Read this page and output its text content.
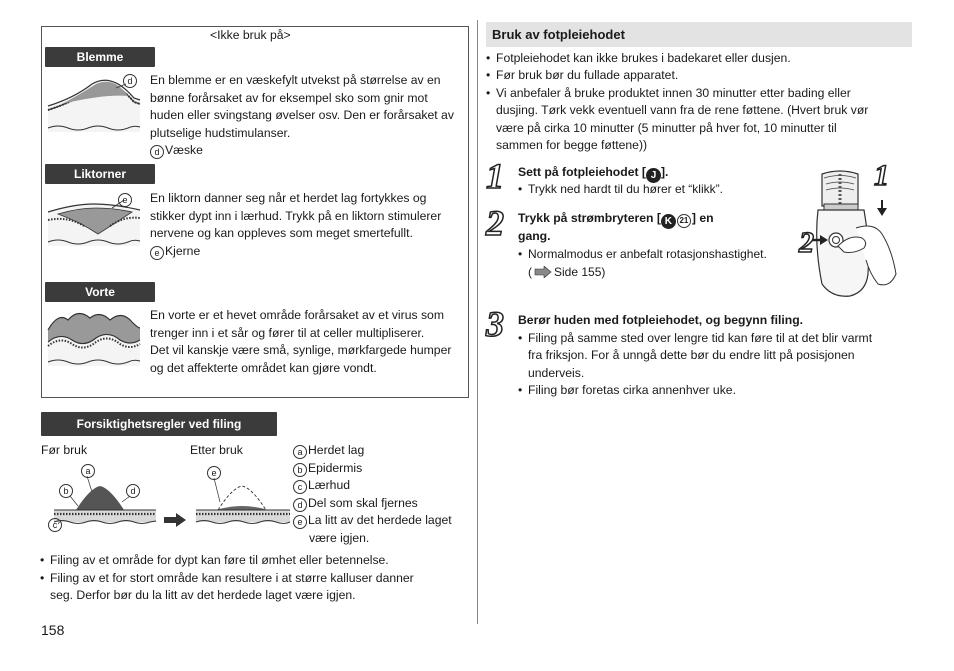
<Ikke bruk på>
Blemme
d	En blemme er en væskefylt utvekst på størrelse av en bønne forårsaket av for eksempel sko som gnir mot huden eller svingstang øvelser osv. Den er forårsaket av plutselige hudstimulanser.
d Væske
Liktorner
e	En liktorn danner seg når et herdet lag fortykkes og stikker dypt inn i lærhud. Trykk på en liktorn stimulerer nervene og kan oppleves som meget smertefullt.
e Kjerne
Vorte
En vorte er et hevet område forårsaket av et virus som trenger inn i et sår og fører til at celler multipliserer.
Det vil kanskje være små, synlige, mørkfargede humper og det affekterte området kan gjøre vondt.
Forsiktighetsregler ved filing
Før bruk	Etter bruk
a
b	d
c
e
a Herdet lag
b Epidermis
c Lærhud
d Del som skal fjernes
e La litt av det herdede laget
være igjen.
• Filing av et område for dypt kan føre til ømhet eller betennelse.
• Filing av et for stort område kan resultere i at større kalluser danner
seg. Derfor bør du la litt av det herdede laget være igjen.
158
Bruk av fotpleiehodet
• Fotpleiehodet kan ikke brukes i badekaret eller dusjen.
• Før bruk bør du fullade apparatet.
• Vi anbefaler å bruke produktet innen 30 minutter etter bading eller
dusjing. Tørk vekk eventuell vann fra de rene føttene. (Hvert bruk vør
være på cirka 10 minutter (5 minutter på hver fot, 10 minutter til
sammen for begge føttene))
1 Sett på fotpleiehodet [ J ].
• Trykk ned hardt til du hører et “klikk”.
2 Trykk på strømbryteren [ K 21 ] en
gang.
• Normalmodus er anbefalt rotasjonshastighet.
( Side 155)
1
2
3 Berør huden med fotpleiehodet, og begynn filing.
• Filing på samme sted over lengre tid kan føre til at det blir varmt
fra friksjon. For å unngå dette bør du endre litt på posisjonen
underveis.
• Filing bør foretas cirka annenhver uke.
